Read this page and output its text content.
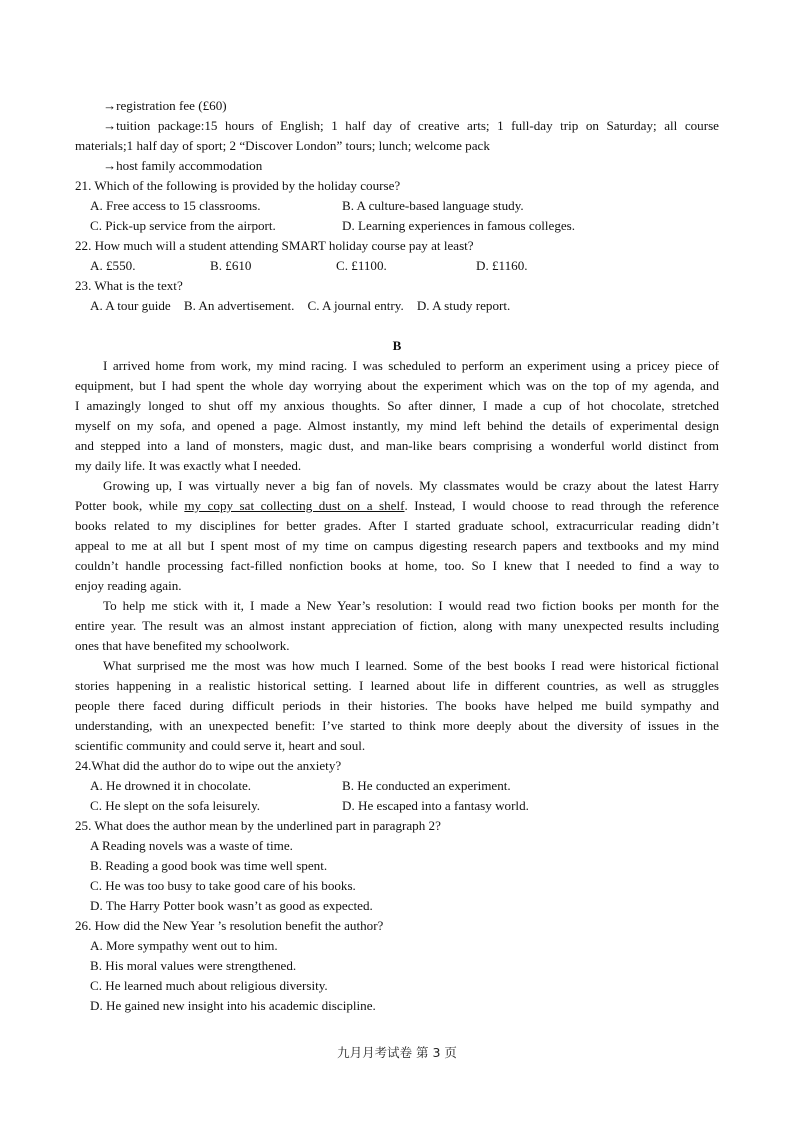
→registration fee (£60)
→tuition package:15 hours of English; 1 half day of creative arts; 1 full-day trip on Saturday; all course
materials;1 half day of sport; 2 “Discover London” tours; lunch; welcome pack
→host family accommodation
21. Which of the following is provided by the holiday course?
A. Free access to 15 classrooms.	B. A culture-based language study.
C. Pick-up service from the airport.	D. Learning experiences in famous colleges.
22. How much will a student attending SMART holiday course pay at least?
A. £550.	B. £610	C. £1100.	D. £1160.
23. What is the text?
A. A tour guide    B. An advertisement.    C. A journal entry.    D. A study report.
B
I arrived home from work, my mind racing. I was scheduled to perform an experiment using a pricey piece of
equipment, but I had spent the whole day worrying about the experiment which was on the top of my agenda, and
I amazingly longed to shut off my anxious thoughts. So after dinner, I made a cup of hot chocolate, stretched
myself on my sofa, and opened a page. Almost instantly, my mind left behind the details of experimental design
and stepped into a land of monsters, magic dust, and man-like bears comprising a wonderful world distinct from
my daily life. It was exactly what I needed.
Growing up, I was virtually never a big fan of novels. My classmates would be crazy about the latest Harry
Potter book, while my copy sat collecting dust on a shelf. Instead, I would choose to read through the reference
books related to my disciplines for better grades. After I started graduate school, extracurricular reading didn’t
appeal to me at all but I spent most of my time on campus digesting research papers and textbooks and my mind
couldn’t handle processing fact-filled nonfiction books at home, too. So I knew that I needed to find a way to
enjoy reading again.
To help me stick with it, I made a New Year’s resolution: I would read two fiction books per month for the
entire year. The result was an almost instant appreciation of fiction, along with many unexpected results including
ones that have benefited my schoolwork.
What surprised me the most was how much I learned. Some of the best books I read were historical fictional
stories happening in a realistic historical setting. I learned about life in different countries, as well as struggles
people there faced during difficult periods in their histories. The books have helped me build sympathy and
understanding, with an unexpected benefit: I’ve started to think more deeply about the diversity of issues in the
scientific community and could serve it, heart and soul.
24.What did the author do to wipe out the anxiety?
A. He drowned it in chocolate.	B. He conducted an experiment.
C. He slept on the sofa leisurely.	D. He escaped into a fantasy world.
25. What does the author mean by the underlined part in paragraph 2?
A Reading novels was a waste of time.
B. Reading a good book was time well spent.
C. He was too busy to take good care of his books.
D. The Harry Potter book wasn’t as good as expected.
26. How did the New Year ’s resolution benefit the author?
A. More sympathy went out to him.
B. His moral values were strengthened.
C. He learned much about religious diversity.
D. He gained new insight into his academic discipline.
九月月考试卷 第 3 页
